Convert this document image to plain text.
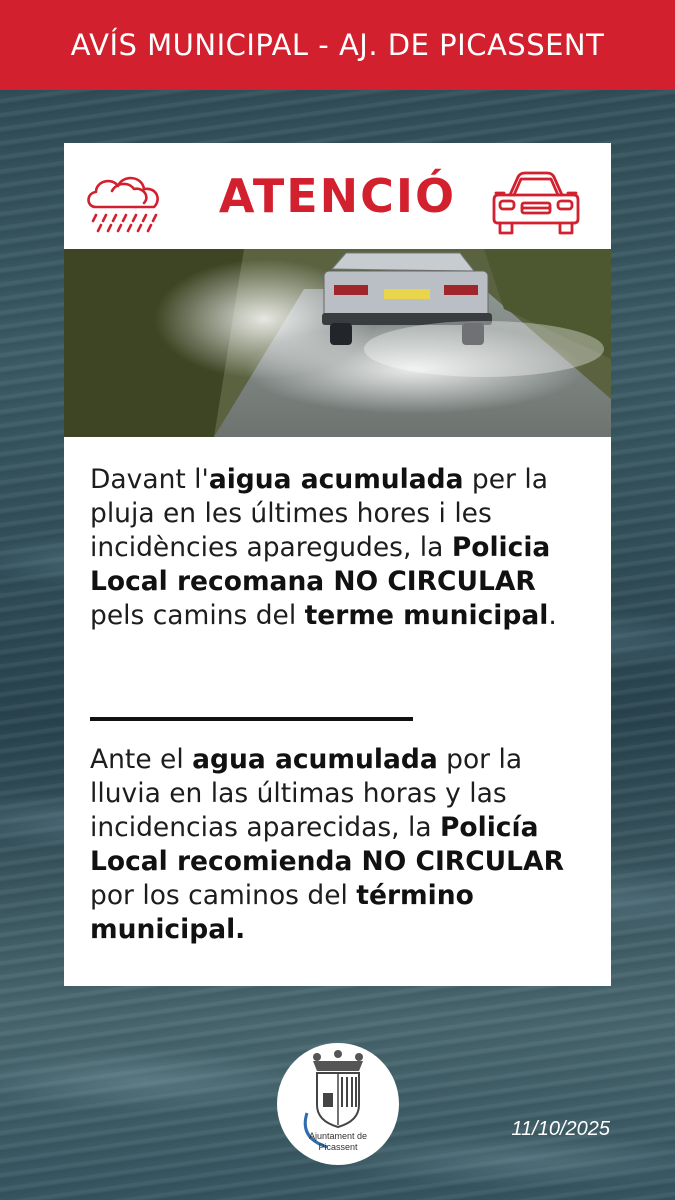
AVÍS MUNICIPAL - AJ. DE PICASSENT
ATENCIÓ
Davant l'aigua acumulada per la pluja en les últimes hores i les incidències aparegudes, la Policia Local recomana NO CIRCULAR pels camins del terme municipal.
Ante el agua acumulada por la lluvia en las últimas horas y las incidencias aparecidas, la Policía Local recomienda NO CIRCULAR por los caminos del término municipal.
Ajuntament de
Picassent
11/10/2025
